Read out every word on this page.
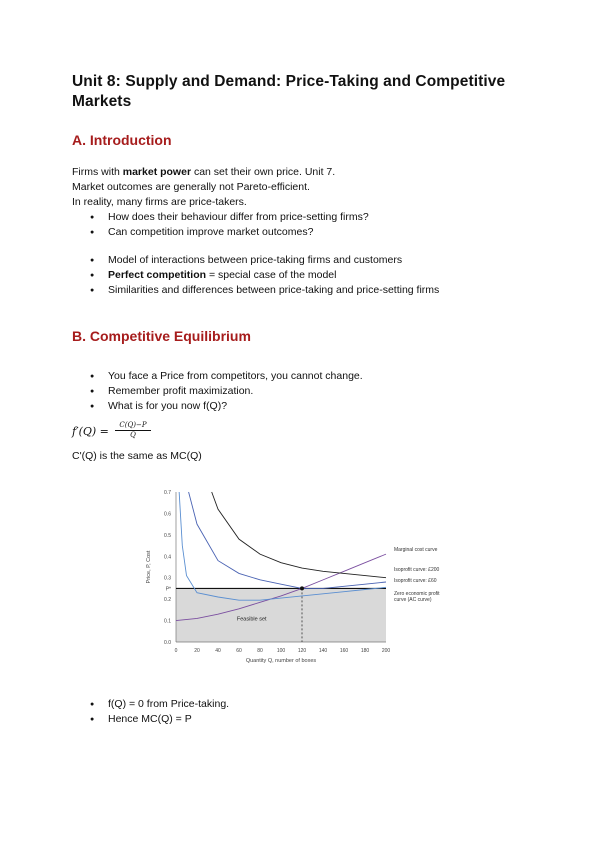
Unit 8: Supply and Demand: Price-Taking and Competitive Markets
A. Introduction
Firms with market power can set their own price. Unit 7.
Market outcomes are generally not Pareto-efficient.
In reality, many firms are price-takers.
● How does their behaviour differ from price-setting firms?
● Can competition improve market outcomes?
● Model of interactions between price-taking firms and customers
● Perfect competition = special case of the model
● Similarities and differences between price-taking and price-setting firms
B. Competitive Equilibrium
● You face a Price from competitors, you cannot change.
● Remember profit maximization.
● What is for you now f(Q)?
$f'(Q) = \frac{C(Q)-P}{Q}$
C'(Q) is the same as MC(Q)
0	20	40	60	80	100	120	140	160	180	200
0.0
0.1
0.2
P*
0.3
0.4
0.5
0.6
0.7
Feasible set
Quantity Q, number of boxes
Price, P, Cost
Marginal cost curve
Isoprofit curve: £200
Isoprofit curve: £60
Zero economic profit curve (AC curve)
● f(Q) = 0 from Price-taking.
● Hence MC(Q) = P
